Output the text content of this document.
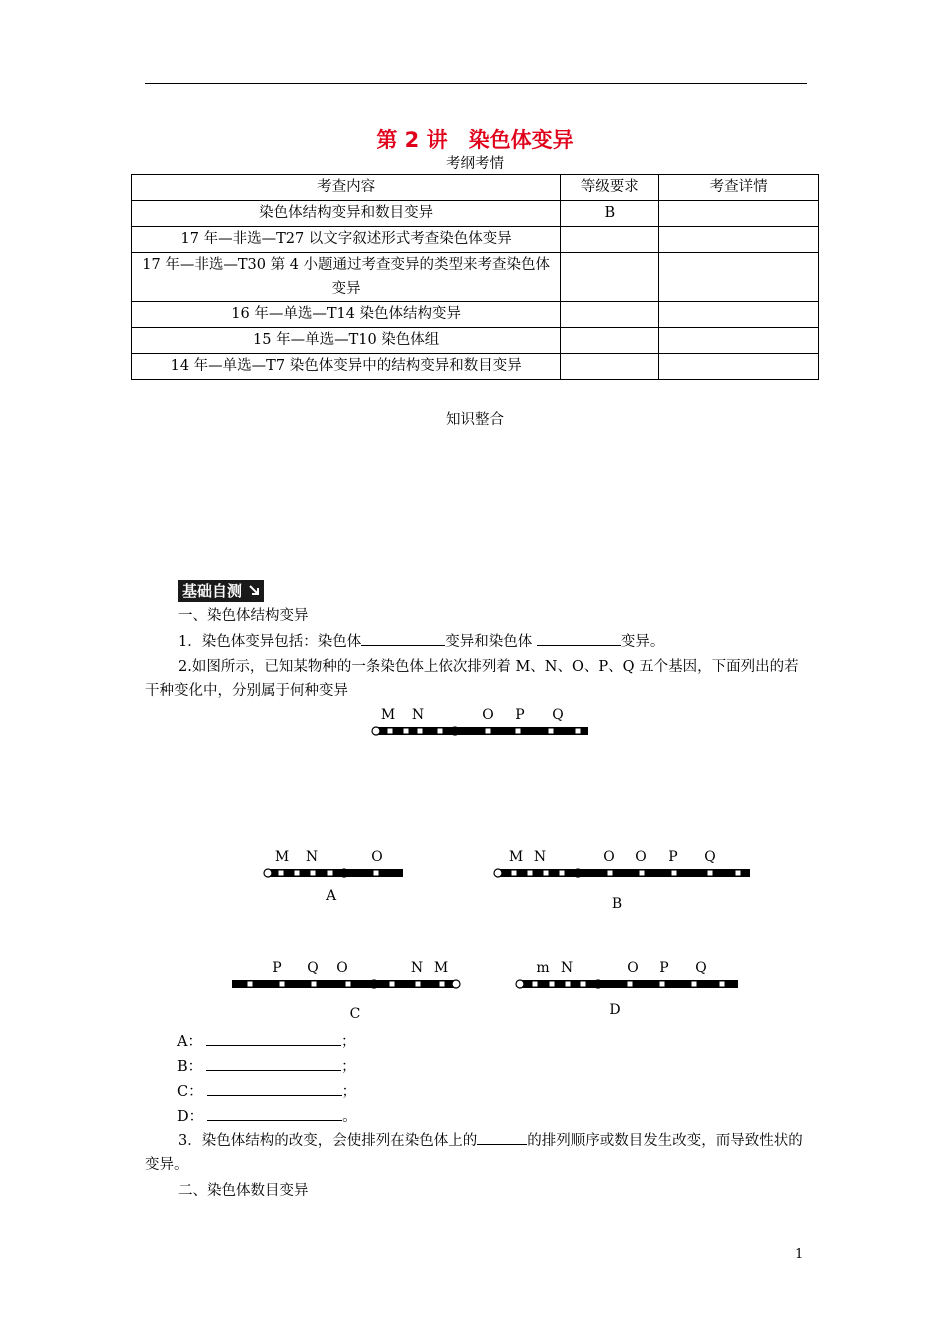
第 2 讲　染色体变异
考纲考情
考查内容	等级要求	考查详情
染色体结构变异和数目变异	B	
17 年—非选—T27 以文字叙述形式考查染色体变异		
17 年—非选—T30 第 4 小题通过考查变异的类型来考查染色体变异		
16 年—单选—T14 染色体结构变异		
15 年—单选—T10 染色体组		
14 年—单选—T7 染色体变异中的结构变异和数目变异		
知识整合
基础自测
一、染色体结构变异
1．染色体变异包括：染色体	变异和染色体	变异。
2.如图所示，已知某物种的一条染色体上依次排列着 M、N、O、P、Q 五个基因，下面列出的若干种变化中，分别属于何种变异
M N	O P Q
M N	O
A
M N	O O P Q
B
P Q O	N M
C
m N	O P Q
D
A：	；
B：	；
C：	；
D：	。
3．染色体结构的改变，会使排列在染色体上的	的排列顺序或数目发生改变，而导致性状的变异。
二、染色体数目变异
1
